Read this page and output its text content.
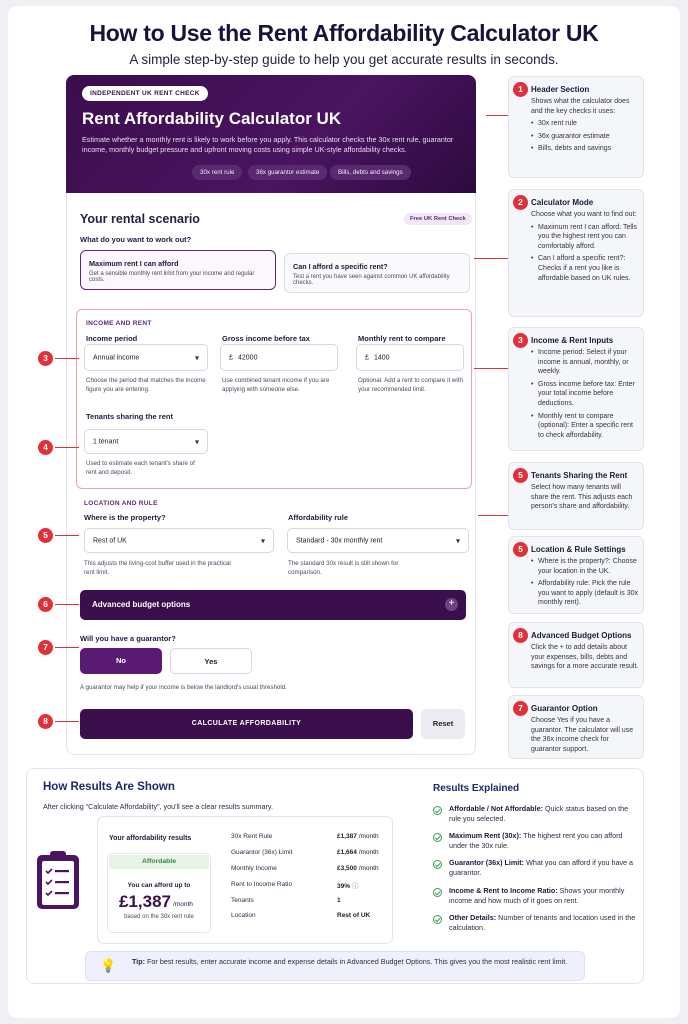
How to Use the Rent Affordability Calculator UK
A simple step-by-step guide to help you get accurate results in seconds.
INDEPENDENT UK RENT CHECK
Rent Affordability Calculator UK
Estimate whether a monthly rent is likely to work before you apply. This calculator checks the 30x rent rule, guarantor income, monthly budget pressure and upfront moving costs using simple UK-style affordability checks.
30x rent rule	36x guarantor estimate	Bills, debts and savings
Your rental scenario	Free UK Rent Check
What do you want to work out?
Maximum rent I can afford
Get a sensible monthly rent limit from your income and regular costs.
Can I afford a specific rent?
Test a rent you have seen against common UK affordability checks.
INCOME AND RENT
Income period
Annual income
▾
Choose the period that matches the income figure you are entering.
Gross income before tax
£ 42000
Use combined tenant income if you are applying with someone else.
Monthly rent to compare
£ 1400
Optional. Add a rent to compare it with your recommended limit.
Tenants sharing the rent
1 tenant
▾
Used to estimate each tenant's share of rent and deposit.
LOCATION AND RULE
Where is the property?
Rest of UK
▾
This adjusts the living-cost buffer used in the practical rent limit.
Affordability rule
Standard - 30x monthly rent
▾
The standard 30x result is still shown for comparison.
Advanced budget options	+
Will you have a guarantor?
No	Yes
A guarantor may help if your income is below the landlord's usual threshold.
CALCULATE AFFORDABILITY	Reset
3
4
5
6
7
8
1	Header Section
Shows what the calculator does and the key checks it uses:
• 30x rent rule
• 36x guarantor estimate
• Bills, debts and savings
2	Calculator Mode
Choose what you want to find out:
• Maximum rent I can afford: Tells you the highest rent you can comfortably afford.
• Can I afford a specific rent?: Checks if a rent you like is affordable based on UK rules.
3	Income & Rent Inputs
• Income period: Select if your income is annual, monthly, or weekly.
• Gross income before tax: Enter your total income before deductions.
• Monthly rent to compare (optional): Enter a specific rent to check affordability.
5	Tenants Sharing the Rent
Select how many tenants will share the rent. This adjusts each person's share and affordability.
5	Location & Rule Settings
• Where is the property?: Choose your location in the UK.
• Affordability rule: Pick the rule you want to apply (default is 30x monthly rent).
8	Advanced Budget Options
Click the + to add details about your expenses, bills, debts and savings for a more accurate result.
7	Guarantor Option
Choose Yes if you have a guarantor. The calculator will use the 36x income check for guarantor support.
How Results Are Shown
After clicking “Calculate Affordability”, you'll see a clear results summary.
Your affordability results
Affordable
You can afford up to
£1,387 /month
based on the 30x rent rule
30x Rent Rule	£1,387 /month
Guarantor (36x) Limit	£1,664 /month
Monthly Income	£3,500 /month
Rent to Income Ratio	39% ⓘ
Tenants	1
Location	Rest of UK
Results Explained
Affordable / Not Affordable: Quick status based on the rule you selected.
Maximum Rent (30x): The highest rent you can afford under the 30x rule.
Guarantor (36x) Limit: What you can afford if you have a guarantor.
Income & Rent to Income Ratio: Shows your monthly income and how much of it goes on rent.
Other Details: Number of tenants and location used in the calculation.
💡 Tip: For best results, enter accurate income and expense details in Advanced Budget Options. This gives you the most realistic rent limit.
